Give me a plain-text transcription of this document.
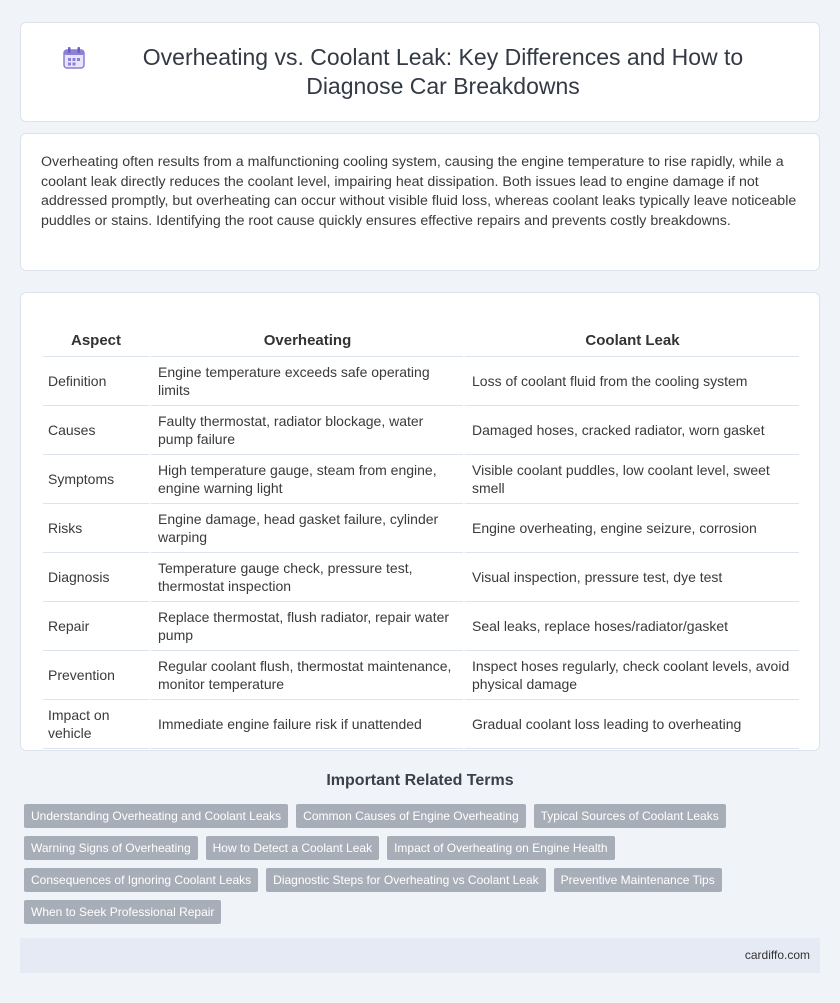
Overheating vs. Coolant Leak: Key Differences and How to Diagnose Car Breakdowns

Overheating often results from a malfunctioning cooling system, causing the engine temperature to rise rapidly, while a coolant leak directly reduces the coolant level, impairing heat dissipation. Both issues lead to engine damage if not addressed promptly, but overheating can occur without visible fluid loss, whereas coolant leaks typically leave noticeable puddles or stains. Identifying the root cause quickly ensures effective repairs and prevents costly breakdowns.

Aspect	Overheating	Coolant Leak
Definition	Engine temperature exceeds safe operating limits	Loss of coolant fluid from the cooling system
Causes	Faulty thermostat, radiator blockage, water pump failure	Damaged hoses, cracked radiator, worn gasket
Symptoms	High temperature gauge, steam from engine, engine warning light	Visible coolant puddles, low coolant level, sweet smell
Risks	Engine damage, head gasket failure, cylinder warping	Engine overheating, engine seizure, corrosion
Diagnosis	Temperature gauge check, pressure test, thermostat inspection	Visual inspection, pressure test, dye test
Repair	Replace thermostat, flush radiator, repair water pump	Seal leaks, replace hoses/radiator/gasket
Prevention	Regular coolant flush, thermostat maintenance, monitor temperature	Inspect hoses regularly, check coolant levels, avoid physical damage
Impact on vehicle	Immediate engine failure risk if unattended	Gradual coolant loss leading to overheating
Important Related Terms
Understanding Overheating and Coolant Leaks	Common Causes of Engine Overheating	Typical Sources of Coolant Leaks
Warning Signs of Overheating	How to Detect a Coolant Leak	Impact of Overheating on Engine Health
Consequences of Ignoring Coolant Leaks	Diagnostic Steps for Overheating vs Coolant Leak	Preventive Maintenance Tips
When to Seek Professional Repair
cardiffo.com
